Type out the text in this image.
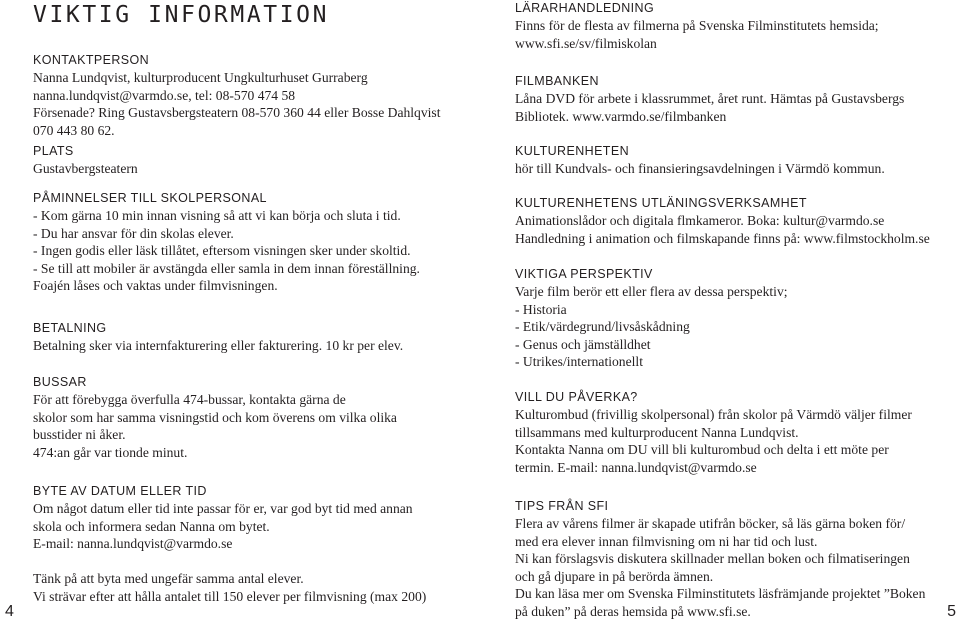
VIKTIG INFORMATION
KONTAKTPERSON
Nanna Lundqvist, kulturproducent Ungkulturhuset Gurraberg
nanna.lundqvist@varmdo.se, tel: 08-570 474 58
Försenade? Ring Gustavsbergsteatern 08-570 360 44 eller Bosse Dahlqvist
070 443 80 62.
PLATS
Gustavbergsteatern
PÅMINNELSER TILL SKOLPERSONAL
- Kom gärna 10 min innan visning så att vi kan börja och sluta i tid.
- Du har ansvar för din skolas elever.
- Ingen godis eller läsk tillåtet, eftersom visningen sker under skoltid.
- Se till att mobiler är avstängda eller samla in dem innan föreställning.
Foajén låses och vaktas under filmvisningen.
BETALNING
Betalning sker via internfakturering eller fakturering. 10 kr per elev.
BUSSAR
För att förebygga överfulla 474-bussar, kontakta gärna de
skolor som har samma visningstid och kom överens om vilka olika
busstider ni åker.
474:an går var tionde minut.
BYTE AV DATUM ELLER TID
Om något datum eller tid inte passar för er, var god byt tid med annan
skola och informera sedan Nanna om bytet.
E-mail: nanna.lundqvist@varmdo.se
Tänk på att byta med ungefär samma antal elever.
Vi strävar efter att hålla antalet till 150 elever per filmvisning (max 200)
LÄRARHANDLEDNING
Finns för de flesta av filmerna på Svenska Filminstitutets hemsida;
www.sfi.se/sv/filmiskolan
FILMBANKEN
Låna DVD för arbete i klassrummet, året runt. Hämtas på Gustavsbergs
Bibliotek. www.varmdo.se/filmbanken
KULTURENHETEN
hör till Kundvals- och finansieringsavdelningen i Värmdö kommun.
KULTURENHETENS UTLÄNINGSVERKSAMHET
Animationslådor och digitala flmkameror. Boka: kultur@varmdo.se
Handledning i animation och filmskapande finns på: www.filmstockholm.se
VIKTIGA PERSPEKTIV
Varje film berör ett eller flera av dessa perspektiv;
- Historia
- Etik/värdegrund/livsåskådning
- Genus och jämställdhet
- Utrikes/internationellt
VILL DU PÅVERKA?
Kulturombud (frivillig skolpersonal) från skolor på Värmdö väljer filmer
tillsammans med kulturproducent Nanna Lundqvist.
Kontakta Nanna om DU vill bli kulturombud och delta i ett möte per
termin. E-mail: nanna.lundqvist@varmdo.se
TIPS FRÅN SFI
Flera av vårens filmer är skapade utifrån böcker, så läs gärna boken för/
med era elever innan filmvisning om ni har tid och lust.
Ni kan förslagsvis diskutera skillnader mellan boken och filmatiseringen
och gå djupare in på berörda ämnen.
Du kan läsa mer om Svenska Filminstitutets läsfrämjande projektet ”Boken
på duken” på deras hemsida på www.sfi.se.
4	5
